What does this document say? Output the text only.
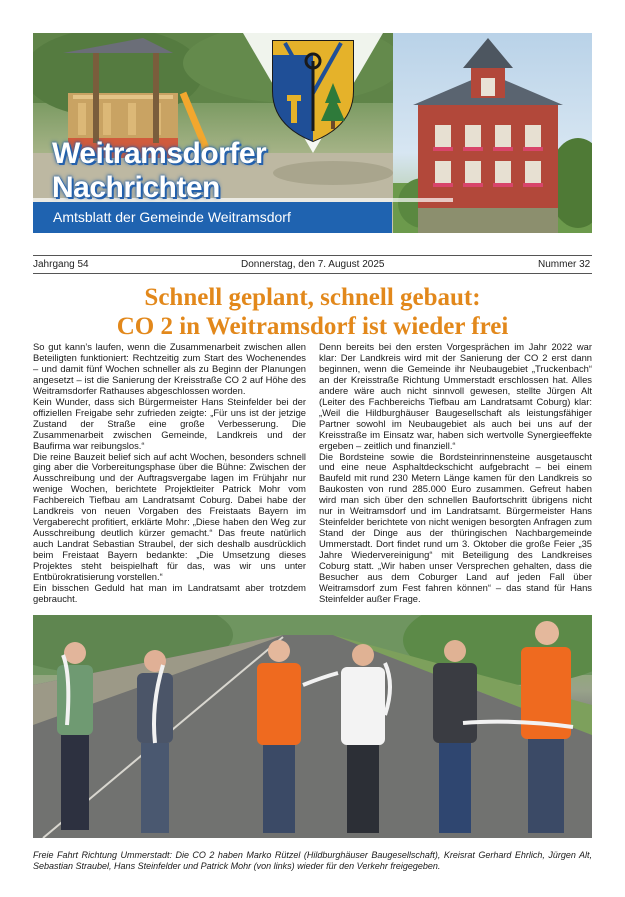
Weitramsdorfer
Nachrichten
Amtsblatt der Gemeinde Weitramsdorf
Jahrgang 54	Donnerstag, den 7. August 2025	Nummer 32
Schnell geplant, schnell gebaut:
CO 2 in Weitramsdorf ist wieder frei

So gut kann’s laufen, wenn die Zusammenarbeit zwischen allen Beteiligten funktioniert: Rechtzeitig zum Start des Wochenendes – und damit fünf Wochen schneller als zu Beginn der Planungen angesetzt – ist die Sanierung der Kreisstraße CO 2 auf Höhe des Weitramsdorfer Rathauses abgeschlossen worden.

Kein Wunder, dass sich Bürgermeister Hans Steinfelder bei der offiziellen Freigabe sehr zufrieden zeigte: „Für uns ist der jetzige Zustand der Straße eine große Verbesserung. Die Zusammenarbeit zwischen Gemeinde, Landkreis und der Baufirma war reibungslos.“

Die reine Bauzeit belief sich auf acht Wochen, besonders schnell ging aber die Vorbereitungsphase über die Bühne: Zwischen der Ausschreibung und der Auftragsvergabe lagen im Frühjahr nur wenige Wochen, berichtete Projektleiter Patrick Mohr vom Fachbereich Tiefbau am Landratsamt Coburg. Dabei habe der Landkreis von neuen Vorgaben des Freistaats Bayern im Vergaberecht profitiert, erklärte Mohr: „Diese haben den Weg zur Ausschreibung deutlich kürzer gemacht.“ Das freute natürlich auch Landrat Sebastian Straubel, der sich deshalb ausdrücklich beim Freistaat Bayern bedankte: „Die Umsetzung dieses Projektes steht beispielhaft für das, was wir uns unter Entbürokratisierung vorstellen.“

Ein bisschen Geduld hat man im Landratsamt aber trotzdem gebraucht.

Denn bereits bei den ersten Vorgesprächen im Jahr 2022 war klar: Der Landkreis wird mit der Sanierung der CO 2 erst dann beginnen, wenn die Gemeinde ihr Neubaugebiet „Truckenbach“ an der Kreisstraße Richtung Ummerstadt erschlossen hat. Alles andere wäre auch nicht sinnvoll gewesen, stellte Jürgen Alt (Leiter des Fachbereichs Tiefbau am Landratsamt Coburg) klar: „Weil die Hildburghäuser Baugesellschaft als leistungsfähiger Partner sowohl im Neubaugebiet als auch bei uns auf der Kreisstraße im Einsatz war, haben sich wertvolle Synergieeffekte ergeben – zeitlich und finanziell.“

Die Bordsteine sowie die Bordsteinrinnensteine ausgetauscht und eine neue Asphaltdeckschicht aufgebracht – bei einem Baufeld mit rund 230 Metern Länge kamen für den Landkreis so Baukosten von rund 285.000 Euro zusammen. Gefreut haben wird man sich über den schnellen Baufortschritt übrigens nicht nur in Weitramsdorf und im Landratsamt. Bürgermeister Hans Steinfelder berichtete von nicht wenigen besorgten Anfragen zum Stand der Dinge aus der thüringischen Nachbargemeinde Ummerstadt. Dort findet rund um 3. Oktober die große Feier „35 Jahre Wiedervereinigung“ mit Beteiligung des Landkreises Coburg statt. „Wir haben unser Versprechen gehalten, dass die Besucher aus dem Coburger Land auf jeden Fall über Weitramsdorf zum Fest fahren können“ – das stand für Hans Steinfelder außer Frage.

Freie Fahrt Richtung Ummerstadt: Die CO 2 haben Marko Rützel (Hildburghäuser Baugesellschaft), Kreisrat Gerhard Ehrlich, Jürgen Alt, Sebastian Straubel, Hans Steinfelder und Patrick Mohr (von links) wieder für den Verkehr freigegeben.
